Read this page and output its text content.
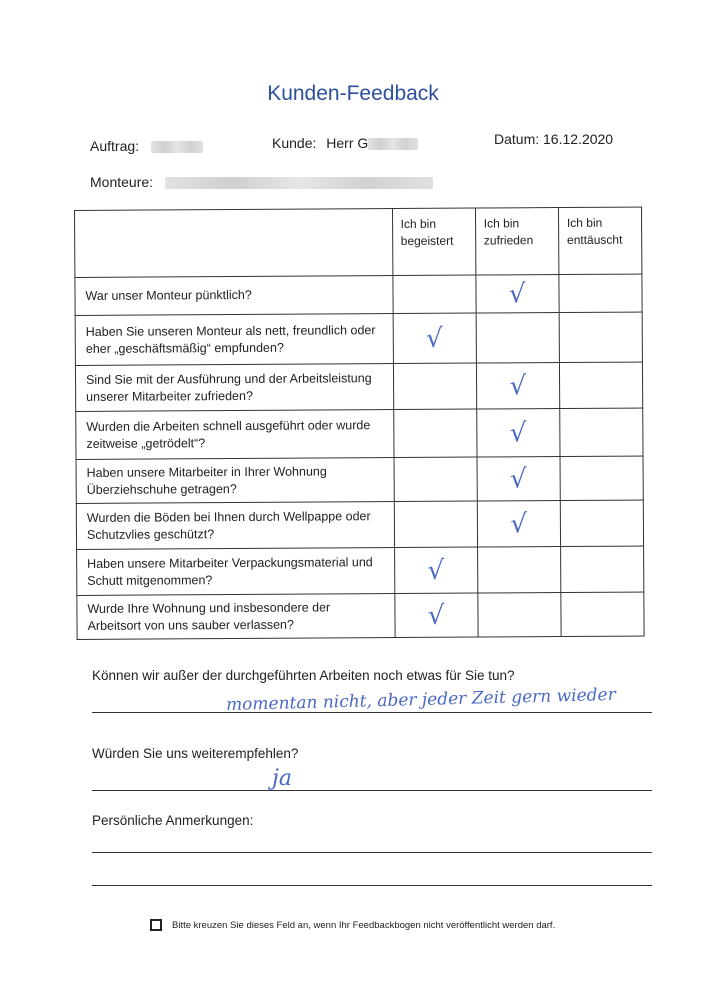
Kunden-Feedback
Auftrag:	Kunde: Herr G	Datum: 16.12.2020
Monteure:
	Ich bin begeistert	Ich bin zufrieden	Ich bin enttäuscht
War unser Monteur pünktlich?		√	

Haben Sie unseren Monteur als nett, freundlich oder eher „geschäftsmäßig“ empfunden?	√		

Sind Sie mit der Ausführung und der Arbeitsleistung unserer Mitarbeiter zufrieden?		√	

Wurden die Arbeiten schnell ausgeführt oder wurde zeitweise „getrödelt“?		√	

Haben unsere Mitarbeiter in Ihrer Wohnung Überziehschuhe getragen?		√	

Wurden die Böden bei Ihnen durch Wellpappe oder Schutzvlies geschützt?		√	

Haben unsere Mitarbeiter Verpackungsmaterial und Schutt mitgenommen?	√		

Wurde Ihre Wohnung und insbesondere der Arbeitsort von uns sauber verlassen?	√		

Können wir außer der durchgeführten Arbeiten noch etwas für Sie tun?
momentan nicht, aber jeder Zeit gern wieder
Würden Sie uns weiterempfehlen?
ja
Persönliche Anmerkungen:
Bitte kreuzen Sie dieses Feld an, wenn Ihr Feedbackbogen nicht veröffentlicht werden darf.
